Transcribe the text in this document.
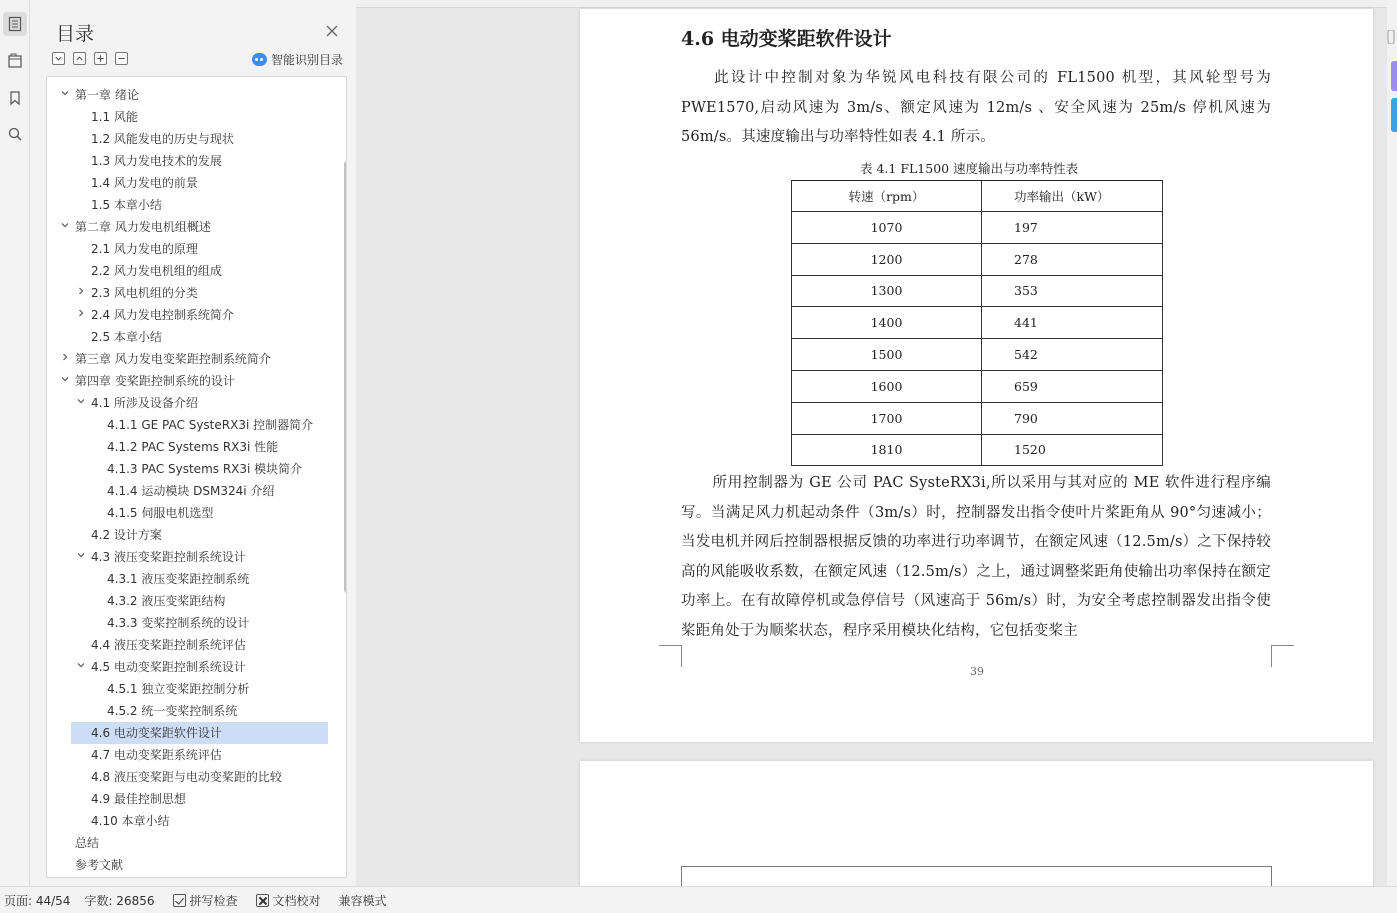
目录
智能识别目录
第一章 绪论
1.1 风能
1.2 风能发电的历史与现状
1.3 风力发电技术的发展
1.4 风力发电的前景
1.5 本章小结
第二章 风力发电机组概述
2.1 风力发电的原理
2.2 风力发电机组的组成
2.3 风电机组的分类
2.4 风力发电控制系统简介
2.5 本章小结
第三章 风力发电变桨距控制系统简介
第四章 变桨距控制系统的设计
4.1 所涉及设备介绍
4.1.1 GE PAC SysteRX3i 控制器简介
4.1.2 PAC Systems RX3i 性能
4.1.3 PAC Systems RX3i 模块简介
4.1.4 运动模块 DSM324i 介绍
4.1.5 伺服电机选型
4.2 设计方案
4.3 液压变桨距控制系统设计
4.3.1 液压变桨距控制系统
4.3.2 液压变桨距结构
4.3.3 变桨控制系统的设计
4.4 液压变桨距控制系统评估
4.5 电动变桨距控制系统设计
4.5.1 独立变桨距控制分析
4.5.2 统一变桨控制系统
4.6 电动变桨距软件设计
4.7 电动变桨距系统评估
4.8 液压变桨距与电动变桨距的比较
4.9 最佳控制思想
4.10 本章小结
总结
参考文献
4.6 电动变桨距软件设计
此设计中控制对象为华锐风电科技有限公司的 FL1500 机型，其风轮型号为 PWE1570,启动风速为 3m/s、额定风速为 12m/s 、安全风速为 25m/s 停机风速为 56m/s。其速度输出与功率特性如表 4.1 所示。
表 4.1 FL1500 速度输出与功率特性表
转速（rpm）	功率输出（kW）
1070	197
1200	278
1300	353
1400	441
1500	542
1600	659
1700	790
1810	1520
所用控制器为 GE 公司 PAC SysteRX3i,所以采用与其对应的 ME 软件进行程序编写。当满足风力机起动条件（3m/s）时，控制器发出指令使叶片桨距角从 90°匀速减小；当发电机并网后控制器根据反馈的功率进行功率调节，在额定风速（12.5m/s）之下保持较高的风能吸收系数，在额定风速（12.5m/s）之上，通过调整桨距角使输出功率保持在额定功率上。在有故障停机或急停信号（风速高于 56m/s）时，为安全考虑控制器发出指令使桨距角处于为顺桨状态，程序采用模块化结构，它包括变桨主
39
页面: 44/54 字数: 26856	拼写检查	文档校对 兼容模式
